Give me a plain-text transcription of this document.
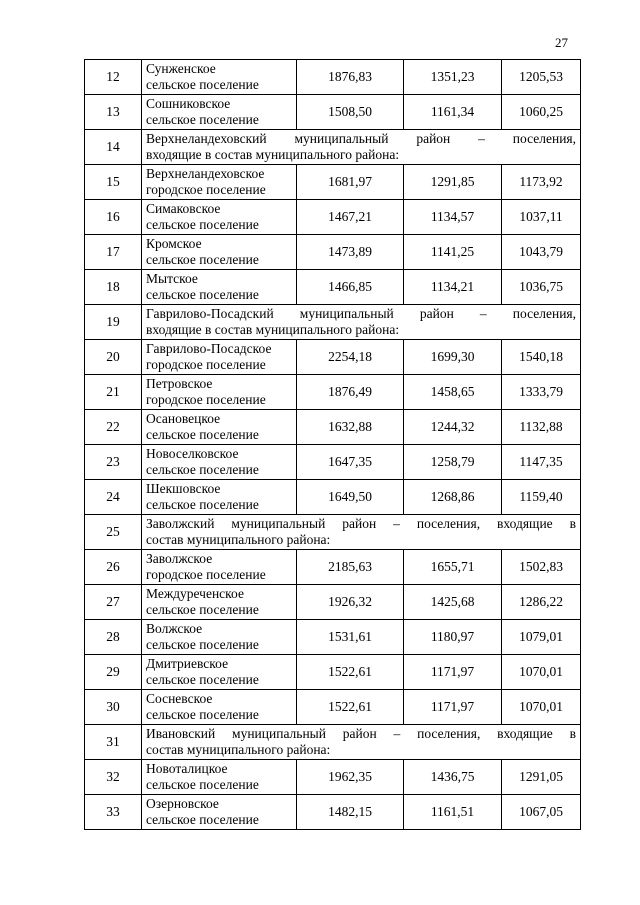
27
12	Сунженское
сельское поселение	1876,83	1351,23	1205,53
13	Сошниковское
сельское поселение	1508,50	1161,34	1060,25
14	Верхнеландеховский муниципальный район – поселения,
входящие в состав муниципального района:			

15	Верхнеландеховское
городское поселение	1681,97	1291,85	1173,92
16	Симаковское
сельское поселение	1467,21	1134,57	1037,11
17	Кромское
сельское поселение	1473,89	1141,25	1043,79
18	Мытское
сельское поселение	1466,85	1134,21	1036,75
19	Гаврилово-Посадский муниципальный район – поселения,
входящие в состав муниципального района:			

20	Гаврилово-Посадское
городское поселение	2254,18	1699,30	1540,18
21	Петровское
городское поселение	1876,49	1458,65	1333,79
22	Осановецкое
сельское поселение	1632,88	1244,32	1132,88
23	Новоселковское
сельское поселение	1647,35	1258,79	1147,35
24	Шекшовское
сельское поселение	1649,50	1268,86	1159,40
25	Заволжский муниципальный район – поселения, входящие в
состав муниципального района:			

26	Заволжское
городское поселение	2185,63	1655,71	1502,83
27	Междуреченское
сельское поселение	1926,32	1425,68	1286,22
28	Волжское
сельское поселение	1531,61	1180,97	1079,01
29	Дмитриевское
сельское поселение	1522,61	1171,97	1070,01
30	Сосневское
сельское поселение	1522,61	1171,97	1070,01
31	Ивановский муниципальный район – поселения, входящие в
состав муниципального района:			

32	Новоталицкое
сельское поселение	1962,35	1436,75	1291,05
33	Озерновское
сельское поселение	1482,15	1161,51	1067,05
